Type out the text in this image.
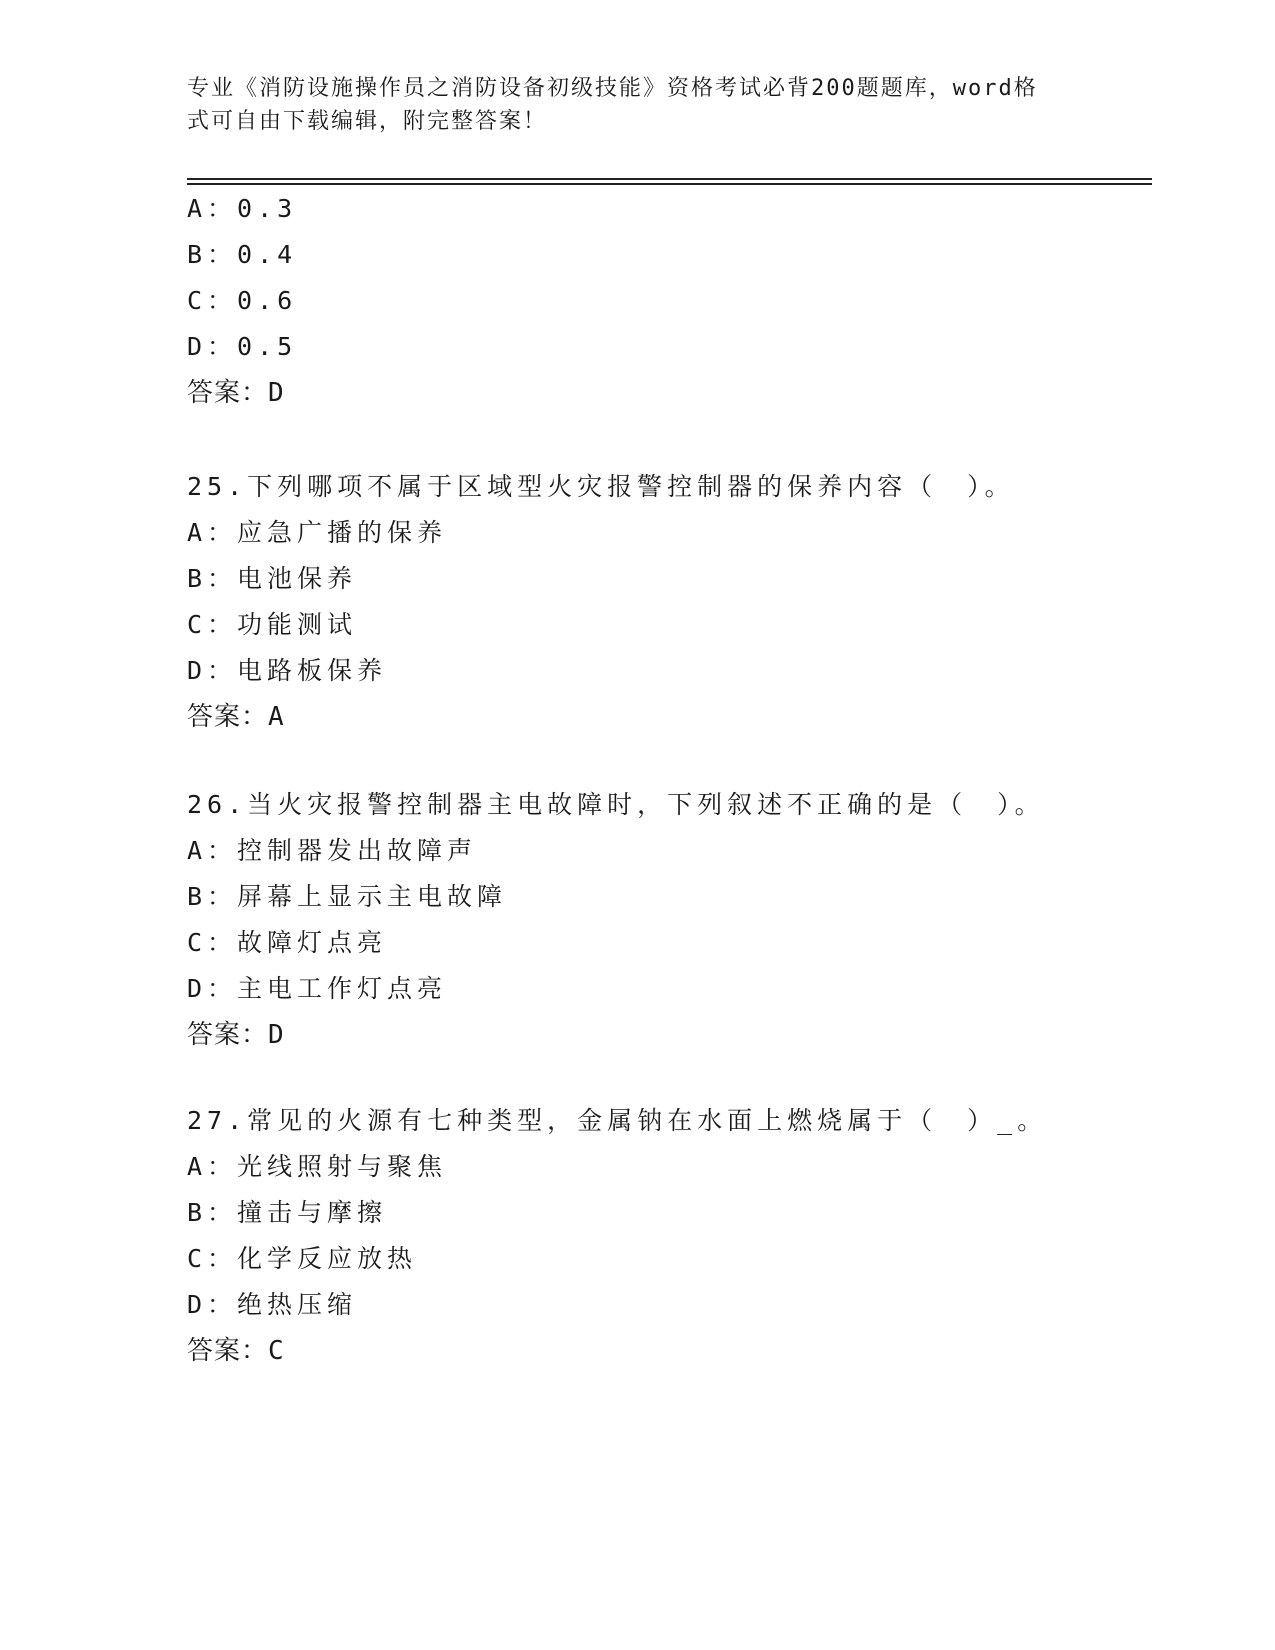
专业《消防设施操作员之消防设备初级技能》资格考试必背200题题库，word格
式可自由下载编辑，附完整答案！
A：0.3
B：0.4
C：0.6
D：0.5
答案：D
25.下列哪项不属于区域型火灾报警控制器的保养内容（　）。
A：应急广播的保养
B：电池保养
C：功能测试
D：电路板保养
答案：A
26.当火灾报警控制器主电故障时，下列叙述不正确的是（　）。
A：控制器发出故障声
B：屏幕上显示主电故障
C：故障灯点亮
D：主电工作灯点亮
答案：D
27.常见的火源有七种类型，金属钠在水面上燃烧属于（　）_。
A：光线照射与聚焦
B：撞击与摩擦
C：化学反应放热
D：绝热压缩
答案：C
